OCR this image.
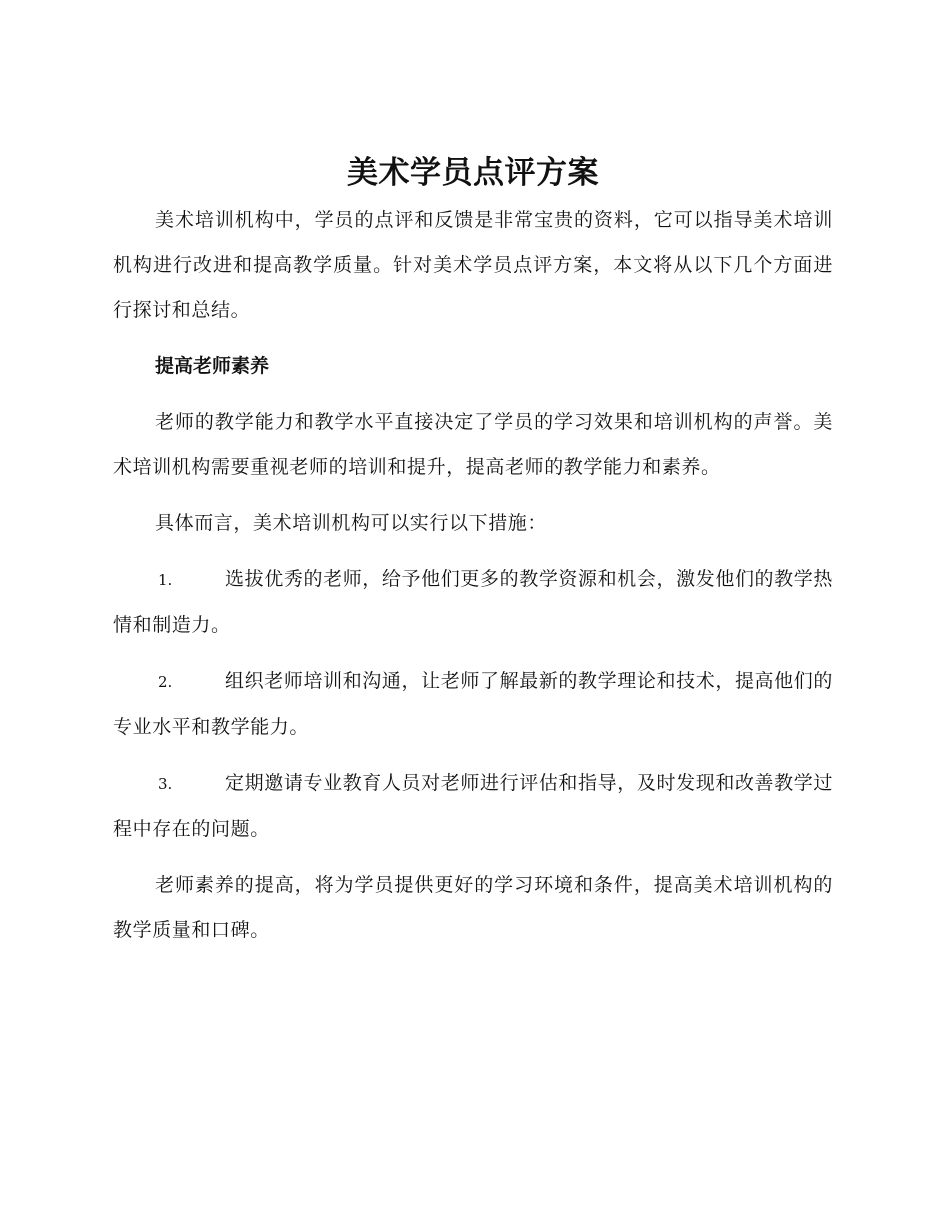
美术学员点评方案

美术培训机构中，学员的点评和反馈是非常宝贵的资料，它可以指导美术培训机构进行改进和提高教学质量。针对美术学员点评方案，本文将从以下几个方面进行探讨和总结。

提高老师素养

老师的教学能力和教学水平直接决定了学员的学习效果和培训机构的声誉。美术培训机构需要重视老师的培训和提升，提高老师的教学能力和素养。

具体而言，美术培训机构可以实行以下措施：

1.	选拔优秀的老师，给予他们更多的教学资源和机会，激发他们的教学热情和制造力。
2.	组织老师培训和沟通，让老师了解最新的教学理论和技术，提高他们的专业水平和教学能力。
3.	定期邀请专业教育人员对老师进行评估和指导，及时发现和改善教学过程中存在的问题。

老师素养的提高，将为学员提供更好的学习环境和条件，提高美术培训机构的教学质量和口碑。
